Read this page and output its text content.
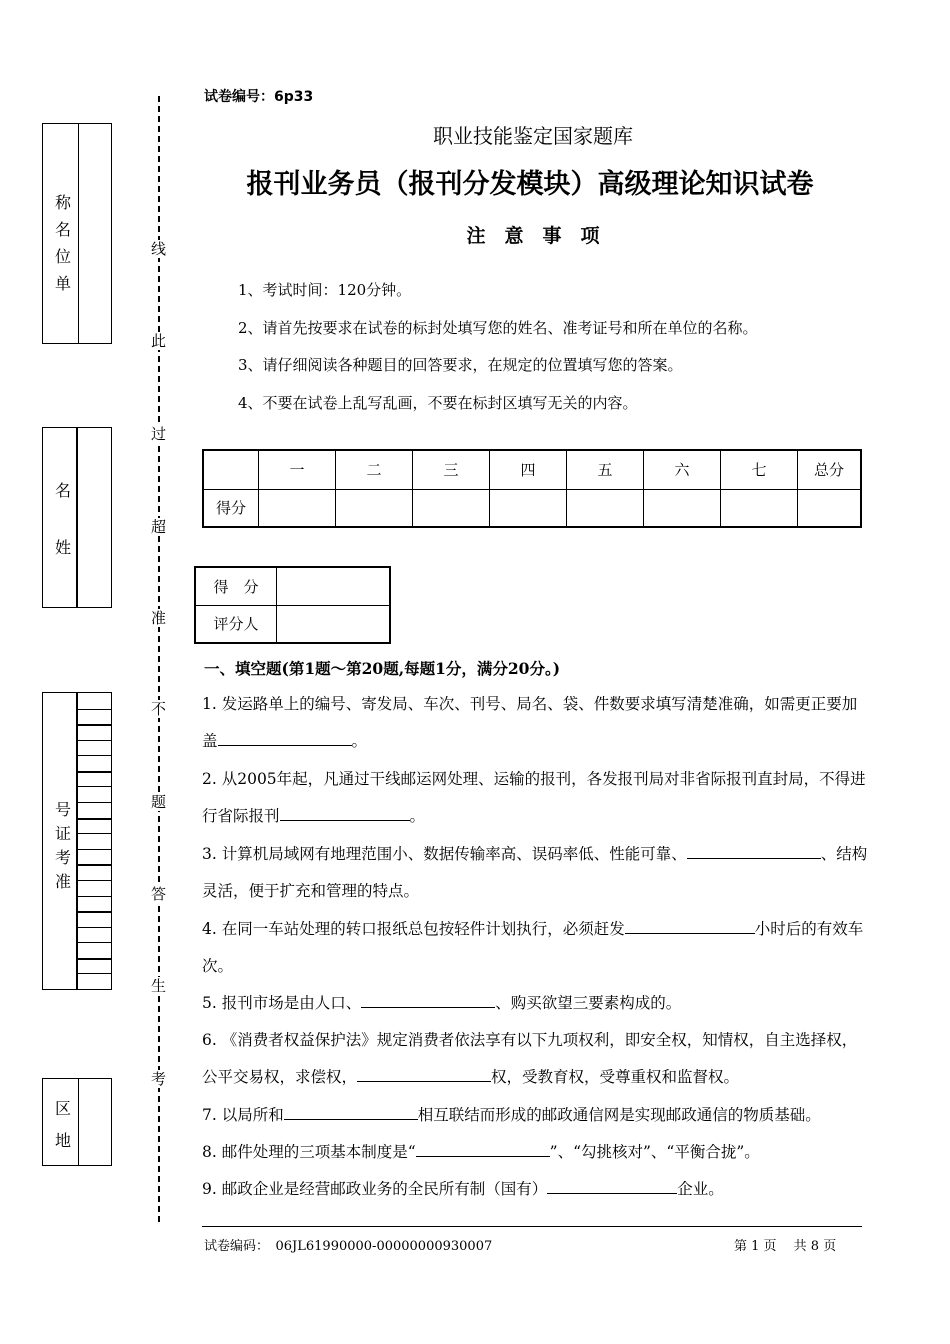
试卷编号：6p33
线
此
过
超
准
不
题
答
生
考
称
名
位
单
名
姓
号
证
考
准
区
地
职业技能鉴定国家题库
报刊业务员（报刊分发模块）高级理论知识试卷
注　意　事　项
1、考试时间：120分钟。
2、请首先按要求在试卷的标封处填写您的姓名、准考证号和所在单位的名称。
3、请仔细阅读各种题目的回答要求，在规定的位置填写您的答案。
4、不要在试卷上乱写乱画，不要在标封区填写无关的内容。
	一	二	三	四	五	六	七	总分
得分								
得　分	
评分人	
一、填空题(第1题～第20题,每题1分，满分20分。)
1. 发运路单上的编号、寄发局、车次、刊号、局名、袋、件数要求填写清楚准确，如需更正要加盖	。
2. 从2005年起，凡通过干线邮运网处理、运输的报刊，各发报刊局对非省际报刊直封局，不得进行省际报刊	。
3. 计算机局域网有地理范围小、数据传输率高、误码率低、性能可靠、	、结构灵活，便于扩充和管理的特点。
4. 在同一车站处理的转口报纸总包按轻件计划执行，必须赶发	小时后的有效车次。
5. 报刊市场是由人口、	、购买欲望三要素构成的。
6. 《消费者权益保护法》规定消费者依法享有以下九项权利，即安全权，知情权，自主选择权，公平交易权，求偿权，	权，受教育权，受尊重权和监督权。
7. 以局所和	相互联结而形成的邮政通信网是实现邮政通信的物质基础。
8. 邮件处理的三项基本制度是“	”、“勾挑核对”、“平衡合拢”。
9. 邮政企业是经营邮政业务的全民所有制（国有）	企业。
试卷编码：　06JL61990000-00000000930007	第 1 页　 共 8 页
